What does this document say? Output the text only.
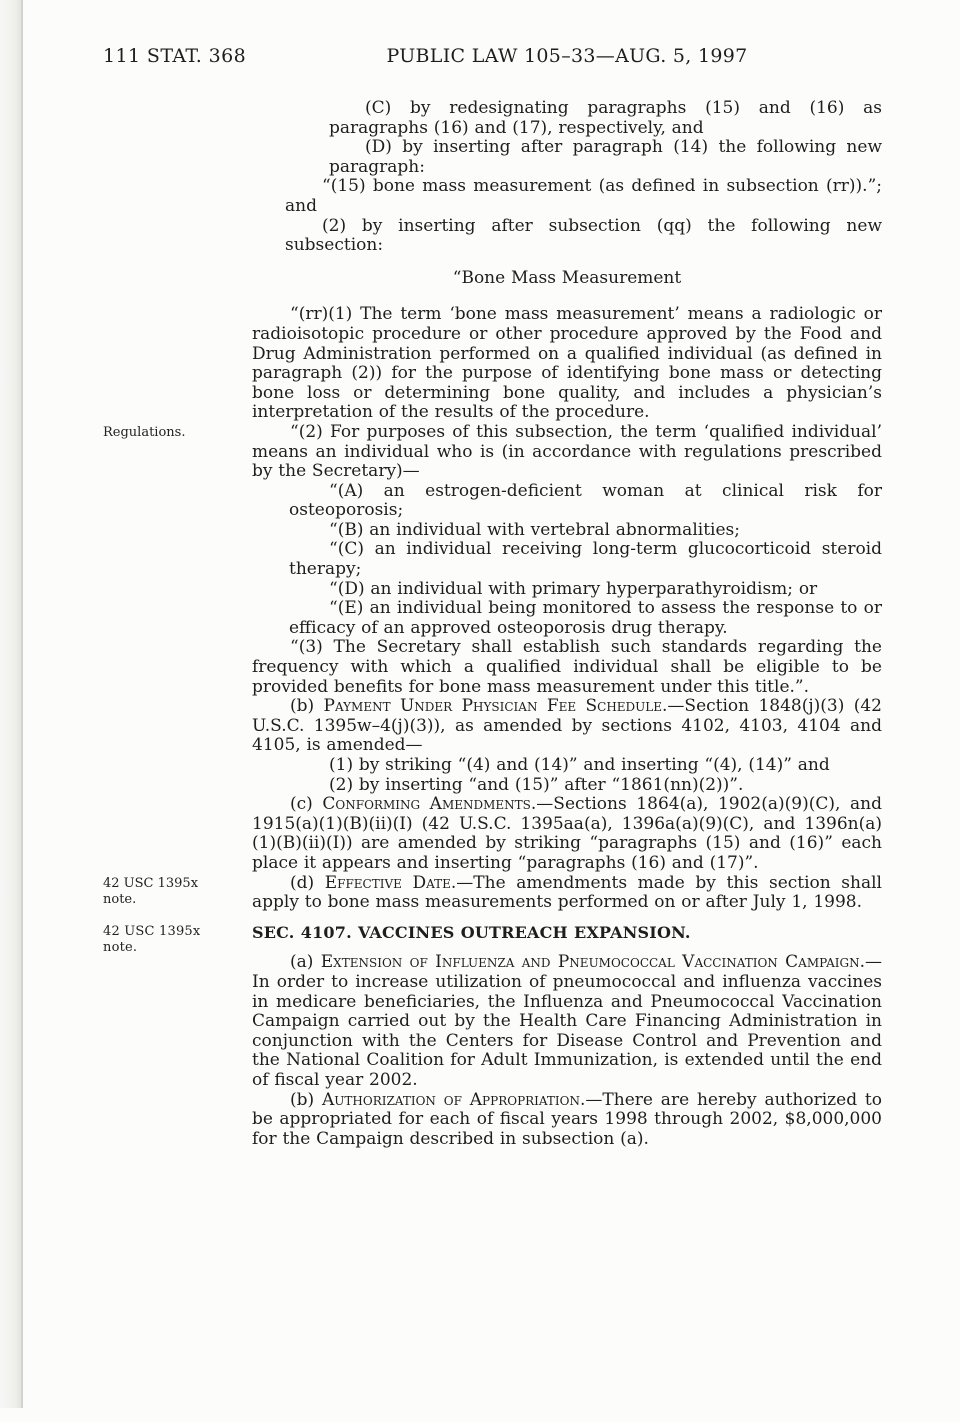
111 STAT. 368	PUBLIC LAW 105–33—AUG. 5, 1997
(C) by redesignating paragraphs (15) and (16) as paragraphs (16) and (17), respectively, and
(D) by inserting after paragraph (14) the following new paragraph:
“(15) bone mass measurement (as defined in subsection (rr)).”; and
(2) by inserting after subsection (qq) the following new subsection:
“Bone Mass Measurement
“(rr)(1) The term ‘bone mass measurement’ means a radiologic or radioisotopic procedure or other procedure approved by the Food and Drug Administration performed on a qualified individual (as defined in paragraph (2)) for the purpose of identifying bone mass or detecting bone loss or determining bone quality, and includes a physician’s interpretation of the results of the procedure.
Regulations.	“(2) For purposes of this subsection, the term ‘qualified individual’ means an individual who is (in accordance with regulations prescribed by the Secretary)—
“(A) an estrogen-deficient woman at clinical risk for osteoporosis;
“(B) an individual with vertebral abnormalities;
“(C) an individual receiving long-term glucocorticoid steroid therapy;
“(D) an individual with primary hyperparathyroidism; or
“(E) an individual being monitored to assess the response to or efficacy of an approved osteoporosis drug therapy.
“(3) The Secretary shall establish such standards regarding the frequency with which a qualified individual shall be eligible to be provided benefits for bone mass measurement under this title.”.
(b) Payment Under Physician Fee Schedule.—Section 1848(j)(3) (42 U.S.C. 1395w–4(j)(3)), as amended by sections 4102, 4103, 4104 and 4105, is amended—
(1) by striking “(4) and (14)” and inserting “(4), (14)” and
(2) by inserting “and (15)” after “1861(nn)(2))”.
(c) Conforming Amendments.—Sections 1864(a), 1902(a)(9)(C), and 1915(a)(1)(B)(ii)(I) (42 U.S.C. 1395aa(a), 1396a(a)(9)(C), and 1396n(a)(1)(B)(ii)(I)) are amended by striking “paragraphs (15) and (16)” each place it appears and inserting “paragraphs (16) and (17)”.
42 USC 1395x note.
(d) Effective Date.—The amendments made by this section shall apply to bone mass measurements performed on or after July 1, 1998.
42 USC 1395x note.
SEC. 4107. VACCINES OUTREACH EXPANSION.
(a) Extension of Influenza and Pneumococcal Vaccination Campaign.—In order to increase utilization of pneumococcal and influenza vaccines in medicare beneficiaries, the Influenza and Pneumococcal Vaccination Campaign carried out by the Health Care Financing Administration in conjunction with the Centers for Disease Control and Prevention and the National Coalition for Adult Immunization, is extended until the end of fiscal year 2002.
(b) Authorization of Appropriation.—There are hereby authorized to be appropriated for each of fiscal years 1998 through 2002, $8,000,000 for the Campaign described in subsection (a).
